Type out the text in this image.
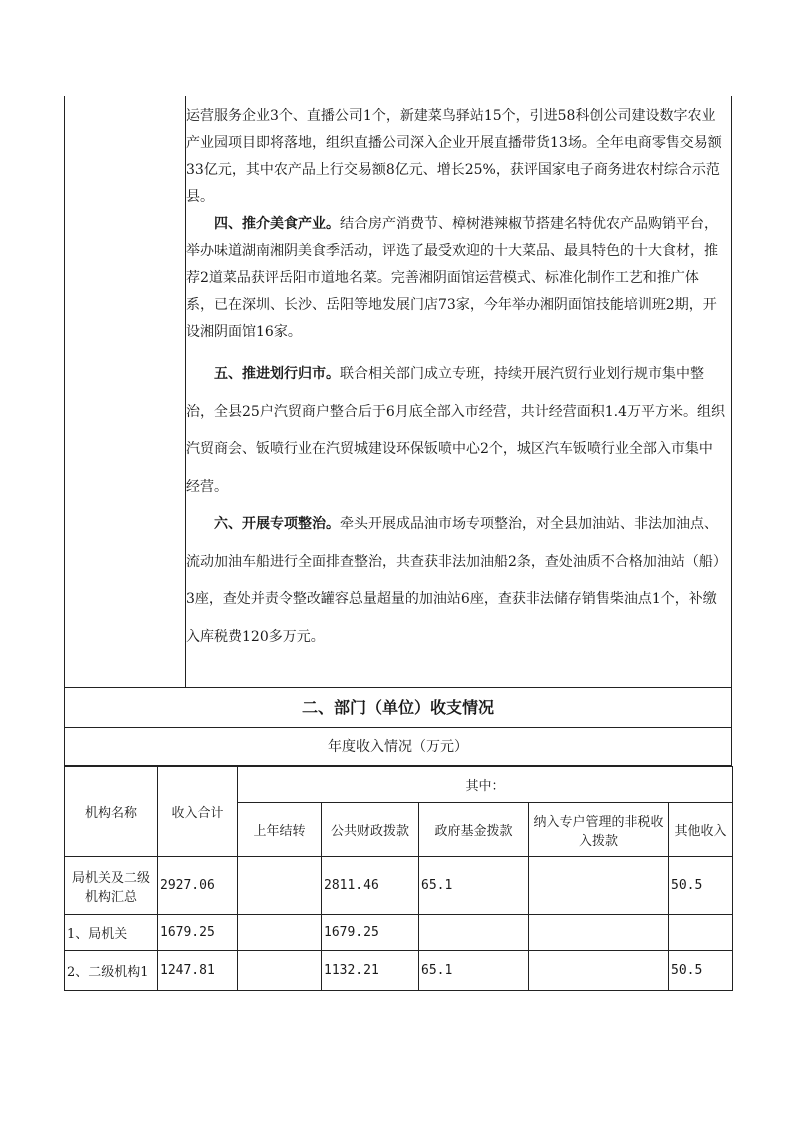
运营服务企业3个、直播公司1个，新建菜鸟驿站15个，引进58科创公司建设数字农业产业园项目即将落地，组织直播公司深入企业开展直播带货13场。全年电商零售交易额33亿元，其中农产品上行交易额8亿元、增长25%，获评国家电子商务进农村综合示范县。

四、推介美食产业。结合房产消费节、樟树港辣椒节搭建名特优农产品购销平台，举办味道湖南湘阴美食季活动，评选了最受欢迎的十大菜品、最具特色的十大食材，推荐2道菜品获评岳阳市道地名菜。完善湘阴面馆运营模式、标准化制作工艺和推广体系，已在深圳、长沙、岳阳等地发展门店73家，今年举办湘阴面馆技能培训班2期，开设湘阴面馆16家。

五、推进划行归市。联合相关部门成立专班，持续开展汽贸行业划行规市集中整治，全县25户汽贸商户整合后于6月底全部入市经营，共计经营面积1.4万平方米。组织汽贸商会、钣喷行业在汽贸城建设环保钣喷中心2个，城区汽车钣喷行业全部入市集中经营。

六、开展专项整治。牵头开展成品油市场专项整治，对全县加油站、非法加油点、流动加油车船进行全面排查整治，共查获非法加油船2条，查处油质不合格加油站（船）3座，查处并责令整改罐容总量超量的加油站6座，查获非法储存销售柴油点1个，补缴入库税费120多万元。

二、部门（单位）收支情况
年度收入情况（万元）
机构名称	收入合计	其中：				
		上年结转	公共财政拨款	政府基金拨款	纳入专户管理的非税收入拨款	其他收入
局机关及二级机构汇总	2927.06		2811.46	65.1		50.5
1、局机关	1679.25		1679.25			
2、二级机构1	1247.81		1132.21	65.1		50.5
